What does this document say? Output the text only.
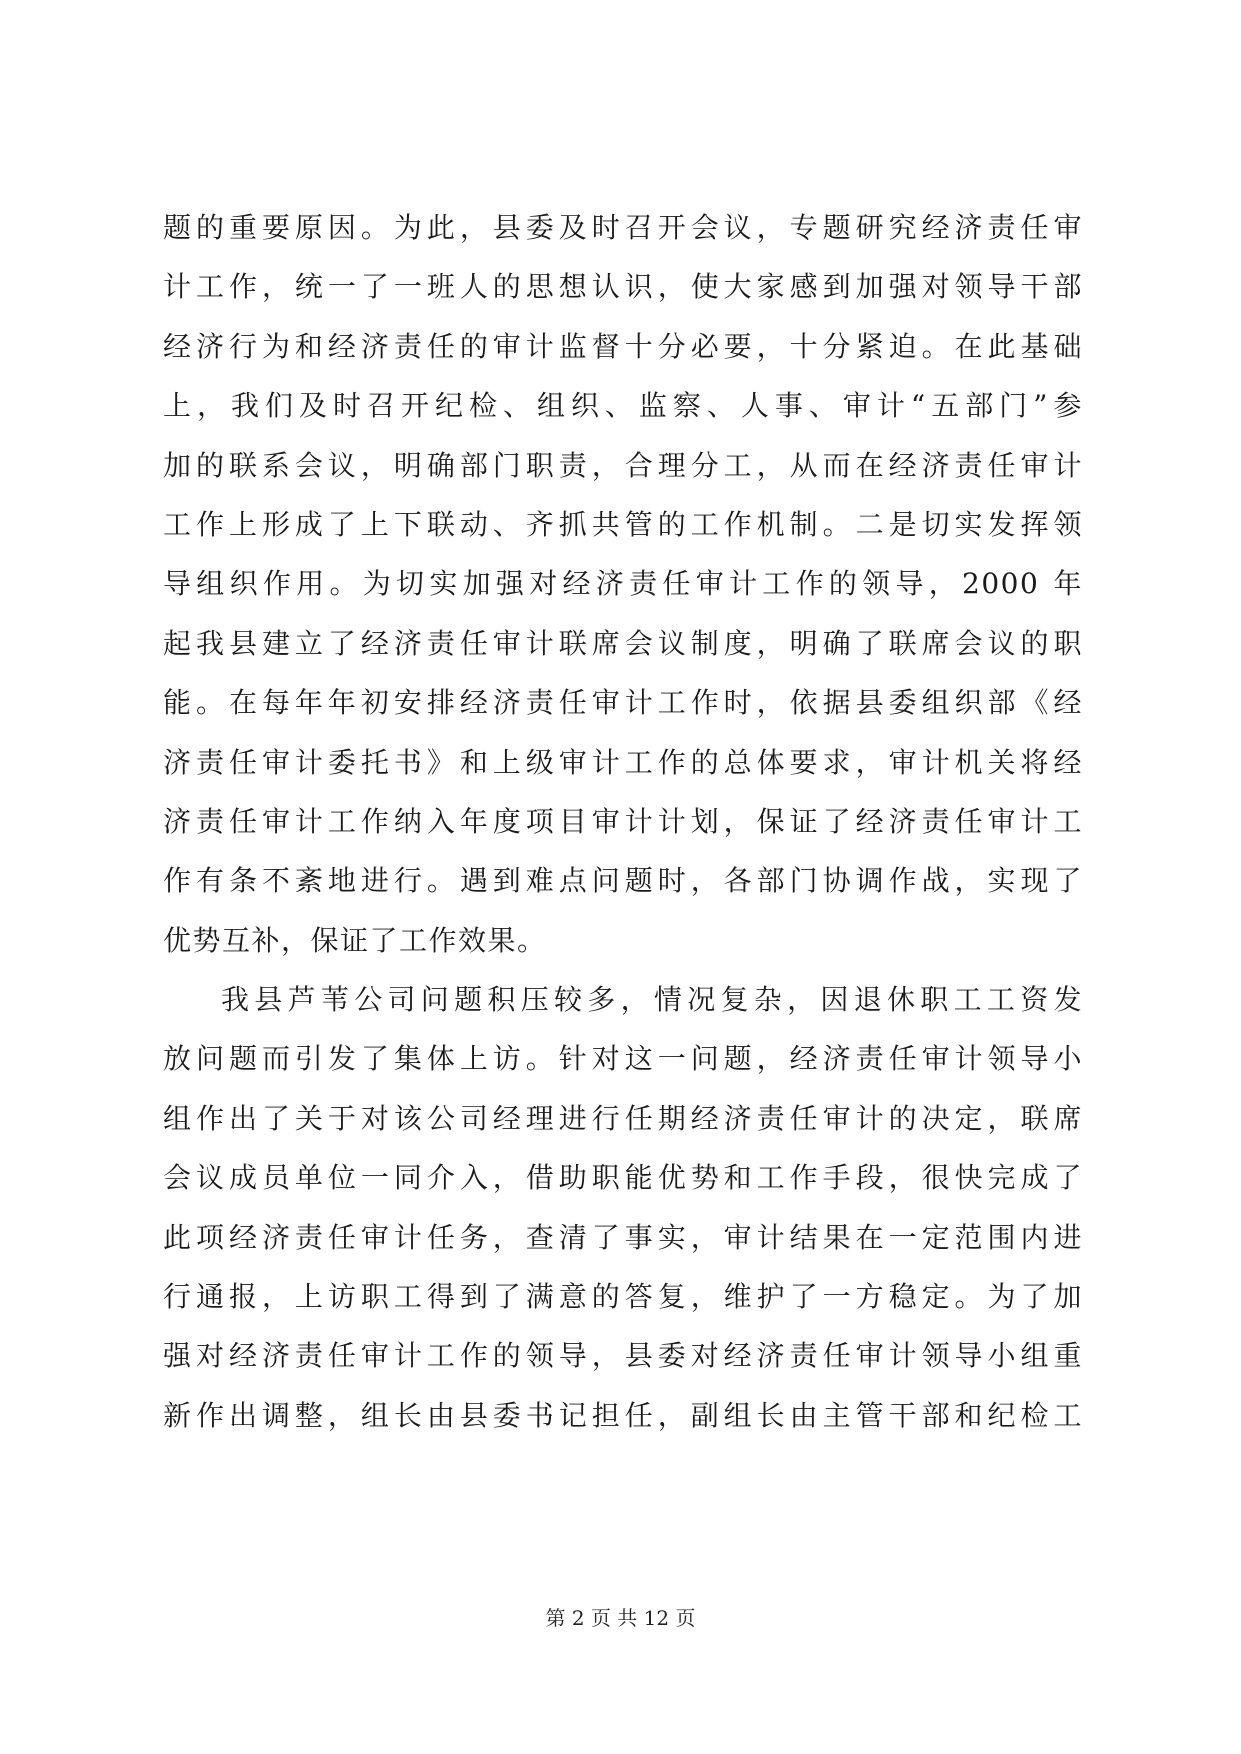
题的重要原因。为此，县委及时召开会议，专题研究经济责任审
计工作，统一了一班人的思想认识，使大家感到加强对领导干部
经济行为和经济责任的审计监督十分必要，十分紧迫。在此基础
上，我们及时召开纪检、组织、监察、人事、审计“五部门”参
加的联系会议，明确部门职责，合理分工，从而在经济责任审计
工作上形成了上下联动、齐抓共管的工作机制。二是切实发挥领
导组织作用。为切实加强对经济责任审计工作的领导，2000 年
起我县建立了经济责任审计联席会议制度，明确了联席会议的职
能。在每年年初安排经济责任审计工作时，依据县委组织部《经
济责任审计委托书》和上级审计工作的总体要求，审计机关将经
济责任审计工作纳入年度项目审计计划，保证了经济责任审计工
作有条不紊地进行。遇到难点问题时，各部门协调作战，实现了
优势互补，保证了工作效果。
我县芦苇公司问题积压较多，情况复杂，因退休职工工资发
放问题而引发了集体上访。针对这一问题，经济责任审计领导小
组作出了关于对该公司经理进行任期经济责任审计的决定，联席
会议成员单位一同介入，借助职能优势和工作手段，很快完成了
此项经济责任审计任务，查清了事实，审计结果在一定范围内进
行通报，上访职工得到了满意的答复，维护了一方稳定。为了加
强对经济责任审计工作的领导，县委对经济责任审计领导小组重
新作出调整，组长由县委书记担任，副组长由主管干部和纪检工
第 2 页 共 12 页
